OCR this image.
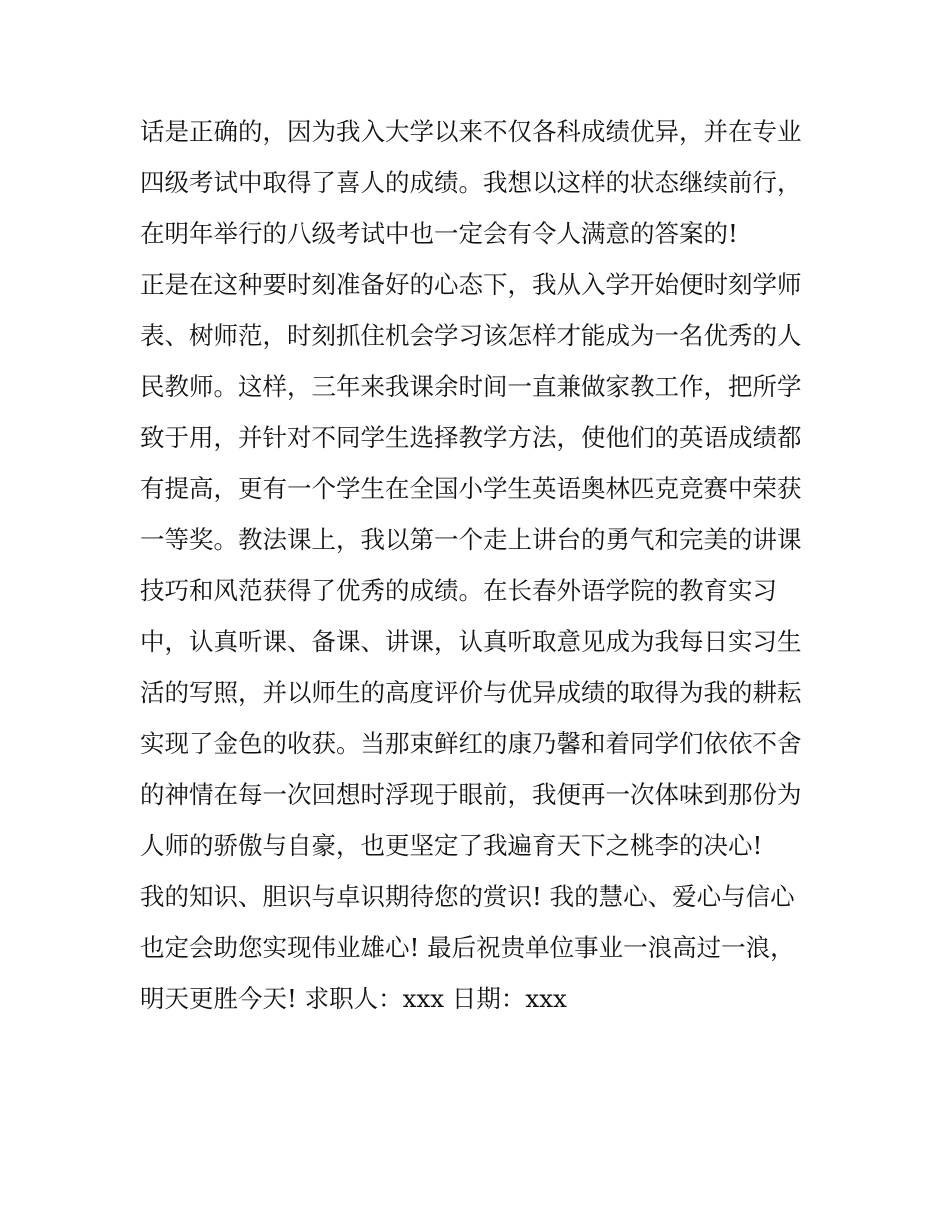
话是正确的，因为我入大学以来不仅各科成绩优异，并在专业
四级考试中取得了喜人的成绩。我想以这样的状态继续前行，
在明年举行的八级考试中也一定会有令人满意的答案的!
正是在这种要时刻准备好的心态下，我从入学开始便时刻学师
表、树师范，时刻抓住机会学习该怎样才能成为一名优秀的人
民教师。这样，三年来我课余时间一直兼做家教工作，把所学
致于用，并针对不同学生选择教学方法，使他们的英语成绩都
有提高，更有一个学生在全国小学生英语奥林匹克竞赛中荣获
一等奖。教法课上，我以第一个走上讲台的勇气和完美的讲课
技巧和风范获得了优秀的成绩。在长春外语学院的教育实习
中，认真听课、备课、讲课，认真听取意见成为我每日实习生
活的写照，并以师生的高度评价与优异成绩的取得为我的耕耘
实现了金色的收获。当那束鲜红的康乃馨和着同学们依依不舍
的神情在每一次回想时浮现于眼前，我便再一次体味到那份为
人师的骄傲与自豪，也更坚定了我遍育天下之桃李的决心!
我的知识、胆识与卓识期待您的赏识! 我的慧心、爱心与信心
也定会助您实现伟业雄心! 最后祝贵单位事业一浪高过一浪，
明天更胜今天! 求职人：xxx 日期：xxx
